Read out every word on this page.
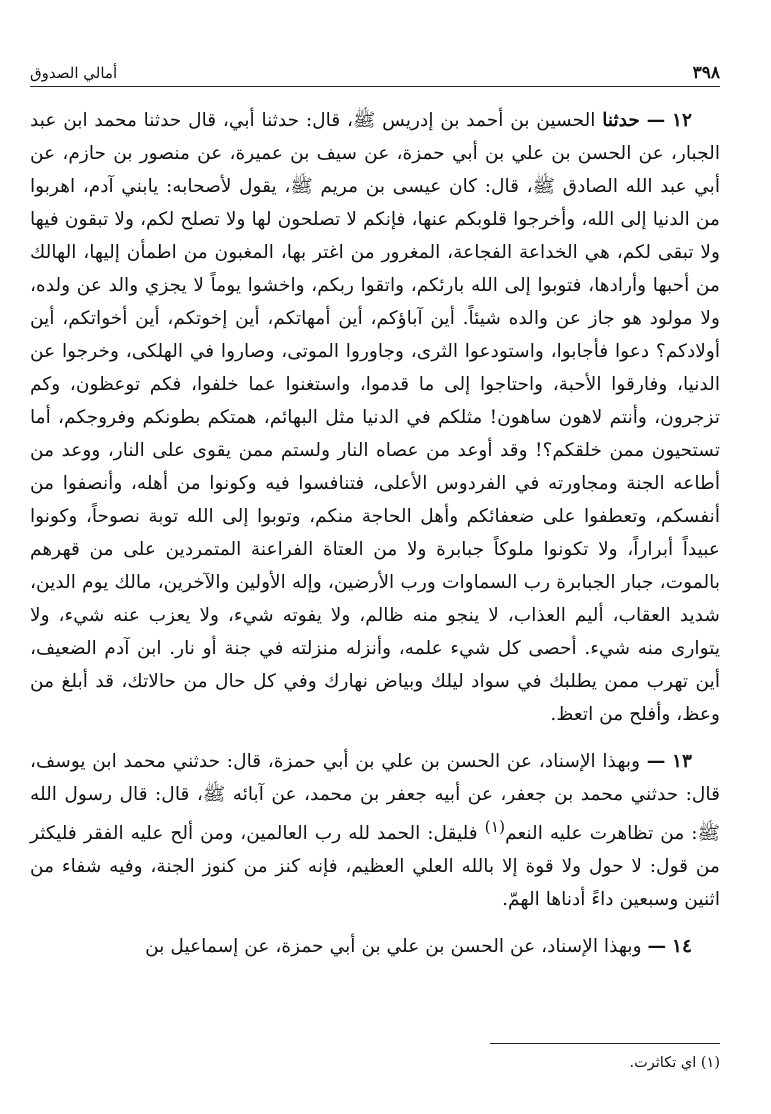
٣٩٨
أمالي الصدوق

١٢ — حدثنا الحسين بن أحمد بن إدريس ﷺ، قال: حدثنا أبي، قال حدثنا محمد ابن عبد الجبار، عن الحسن بن علي بن أبي حمزة، عن سيف بن عميرة، عن منصور بن حازم، عن أبي عبد الله الصادق ﷺ، قال: كان عيسى بن مريم ﷺ، يقول لأصحابه: يابني آدم، اهربوا من الدنيا إلى الله، وأخرجوا قلوبكم عنها، فإنكم لا تصلحون لها ولا تصلح لكم، ولا تبقون فيها ولا تبقى لكم، هي الخداعة الفجاعة، المغرور من اغتر بها، المغبون من اطمأن إليها، الهالك من أحبها وأرادها، فتوبوا إلى الله بارئكم، واتقوا ربكم، واخشوا يوماً لا يجزي والد عن ولده، ولا مولود هو جاز عن والده شيئاً. أين آباؤكم، أين أمهاتكم، أين إخوتكم، أين أخواتكم، أين أولادكم؟ دعوا فأجابوا، واستودعوا الثرى، وجاوروا الموتى، وصاروا في الهلكى، وخرجوا عن الدنيا، وفارقوا الأحبة، واحتاجوا إلى ما قدموا، واستغنوا عما خلفوا، فكم توعظون، وكم تزجرون، وأنتم لاهون ساهون! مثلكم في الدنيا مثل البهائم، همتكم بطونكم وفروجكم، أما تستحيون ممن خلقكم؟! وقد أوعد من عصاه النار ولستم ممن يقوى على النار، ووعد من أطاعه الجنة ومجاورته في الفردوس الأعلى، فتنافسوا فيه وكونوا من أهله، وأنصفوا من أنفسكم، وتعطفوا على ضعفائكم وأهل الحاجة منكم، وتوبوا إلى الله توبة نصوحاً، وكونوا عبيداً أبراراً، ولا تكونوا ملوكاً جبابرة ولا من العتاة الفراعنة المتمردين على من قهرهم بالموت، جبار الجبابرة رب السماوات ورب الأرضين، وإله الأولين والآخرين، مالك يوم الدين، شديد العقاب، أليم العذاب، لا ينجو منه ظالم، ولا يفوته شيء، ولا يعزب عنه شيء، ولا يتوارى منه شيء. أحصى كل شيء علمه، وأنزله منزلته في جنة أو نار. ابن آدم الضعيف، أين تهرب ممن يطلبك في سواد ليلك وبياض نهارك وفي كل حال من حالاتك، قد أبلغ من وعظ، وأفلح من اتعظ.

١٣ — وبهذا الإسناد، عن الحسن بن علي بن أبي حمزة، قال: حدثني محمد ابن يوسف، قال: حدثني محمد بن جعفر، عن أبيه جعفر بن محمد، عن آبائه ﷺ، قال: قال رسول الله ﷺ: من تظاهرت عليه النعم$^{(١)}$ فليقل: الحمد لله رب العالمين، ومن ألح عليه الفقر فليكثر من قول: لا حول ولا قوة إلا بالله العلي العظيم، فإنه كنز من كنوز الجنة، وفيه شفاء من اثنين وسبعين داءً أدناها الهمّ.

١٤ — وبهذا الإسناد، عن الحسن بن علي بن أبي حمزة، عن إسماعيل بن

(١) اي تكاثرت.
